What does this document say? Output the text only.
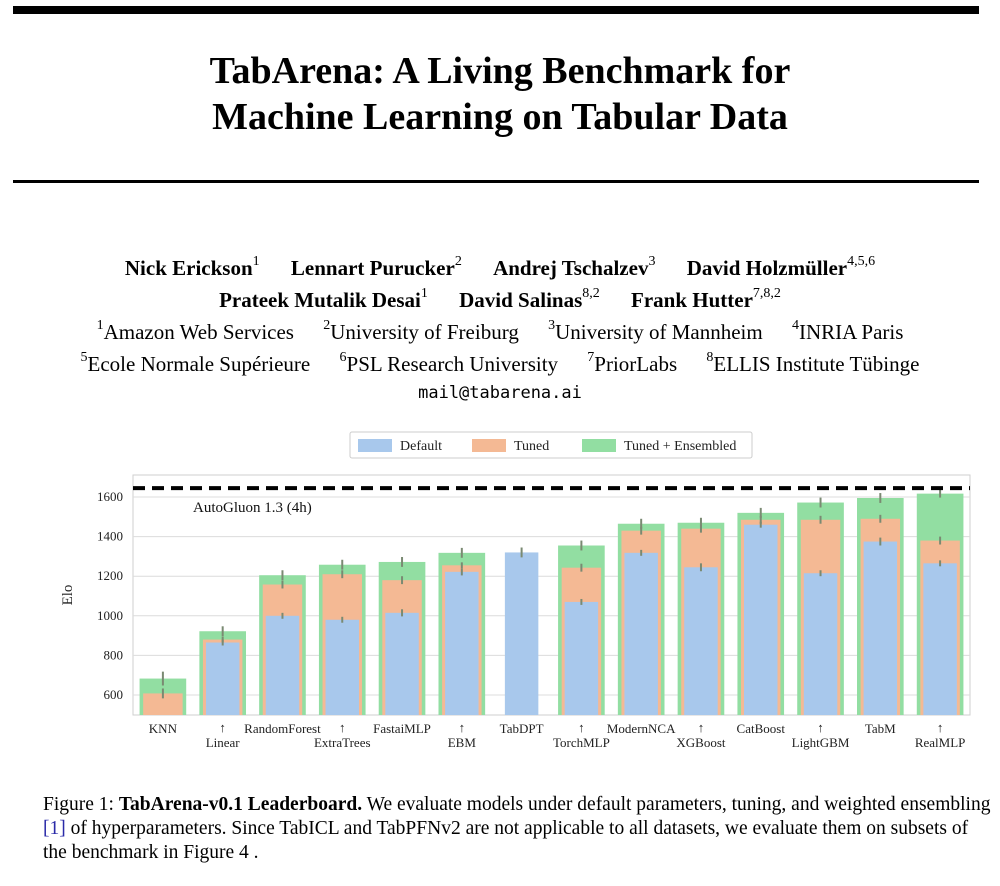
TabArena: A Living Benchmark for
Machine Learning on Tabular Data
Nick Erickson$^1$ Lennart Purucker$^2$ Andrej Tschalzev$^3$ David Holzmüller$^{4,5,6}$
Prateek Mutalik Desai$^1$ David Salinas$^{8,2}$ Frank Hutter$^{7,8,2}$
$^1$Amazon Web Services $^2$University of Freiburg $^3$University of Mannheim $^4$INRIA Paris
$^5$Ecole Normale Supérieure $^6$PSL Research University $^7$PriorLabs $^8$ELLIS Institute Tübinge
mail@tabarena.ai
600
800
1000
1200
1400
1600
Elo
AutoGluon 1.3 (4h)
KNN	↑
Linear
RandomForest ↑
ExtraTrees
FastaiMLP ↑
EBM
TabDPT	↑
TorchMLP
ModernNCA ↑
XGBoost
CatBoost ↑
LightGBM
TabM	↑
RealMLP
Default	Tuned	Tuned + Ensembled
Figure 1: TabArena-v0.1 Leaderboard. We evaluate models under default parameters, tuning, and weighted ensembling [1] of hyperparameters. Since TabICL and TabPFNv2 are not applicable to all datasets, we evaluate them on subsets of the benchmark in Figure 4 .
